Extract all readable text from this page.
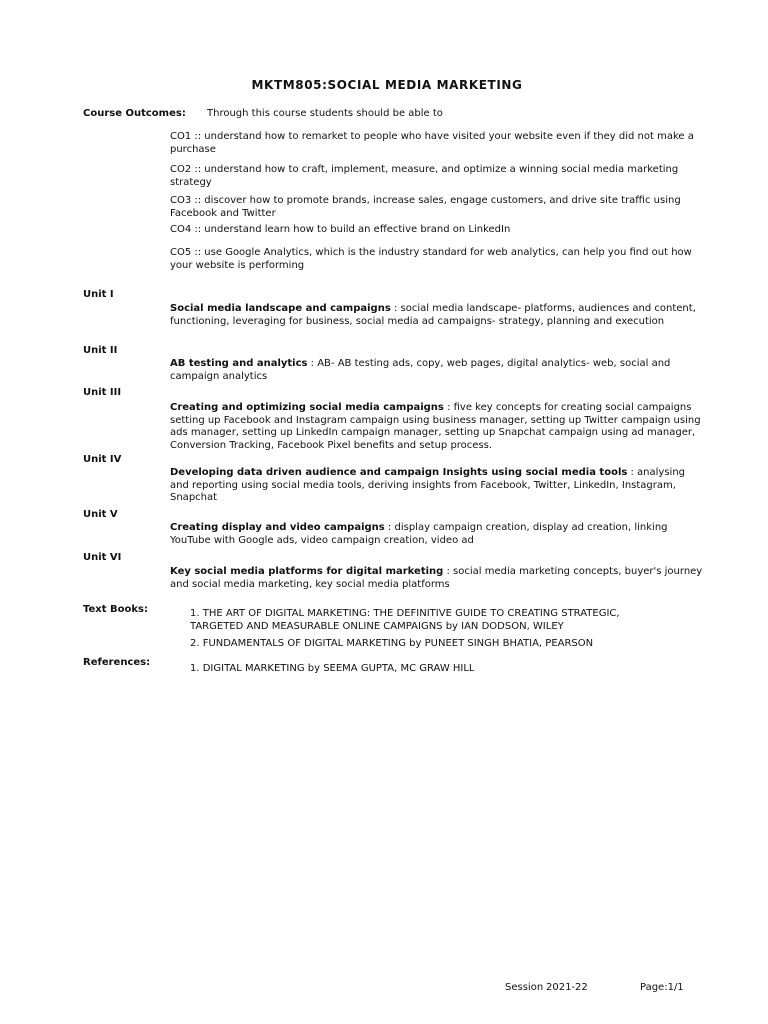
MKTM805:SOCIAL MEDIA MARKETING
Course Outcomes: Through this course students should be able to
CO1 :: understand how to remarket to people who have visited your website even if they did not make a purchase
CO2 :: understand how to craft, implement, measure, and optimize a winning social media marketing strategy
CO3 :: discover how to promote brands, increase sales, engage customers, and drive site traffic using Facebook and Twitter
CO4 :: understand learn how to build an effective brand on LinkedIn
CO5 :: use Google Analytics, which is the industry standard for web analytics, can help you find out how your website is performing
Unit I
Social media landscape and campaigns : social media landscape- platforms, audiences and content, functioning, leveraging for business, social media ad campaigns- strategy, planning and execution
Unit II
AB testing and analytics : AB- AB testing ads, copy, web pages, digital analytics- web, social and campaign analytics
Unit III
Creating and optimizing social media campaigns : five key concepts for creating social campaigns setting up Facebook and Instagram campaign using business manager, setting up Twitter campaign using ads manager, setting up LinkedIn campaign manager, setting up Snapchat campaign using ad manager, Conversion Tracking, Facebook Pixel benefits and setup process.
Unit IV
Developing data driven audience and campaign Insights using social media tools : analysing and reporting using social media tools, deriving insights from Facebook, Twitter, LinkedIn, Instagram, Snapchat
Unit V
Creating display and video campaigns : display campaign creation, display ad creation, linking YouTube with Google ads, video campaign creation, video ad
Unit VI
Key social media platforms for digital marketing : social media marketing concepts, buyer's journey and social media marketing, key social media platforms
Text Books:	1. THE ART OF DIGITAL MARKETING: THE DEFINITIVE GUIDE TO CREATING STRATEGIC, TARGETED AND MEASURABLE ONLINE CAMPAIGNS by IAN DODSON, WILEY
2. FUNDAMENTALS OF DIGITAL MARKETING by PUNEET SINGH BHATIA, PEARSON
References:
1. DIGITAL MARKETING by SEEMA GUPTA, MC GRAW HILL
Session 2021-22	Page:1/1
